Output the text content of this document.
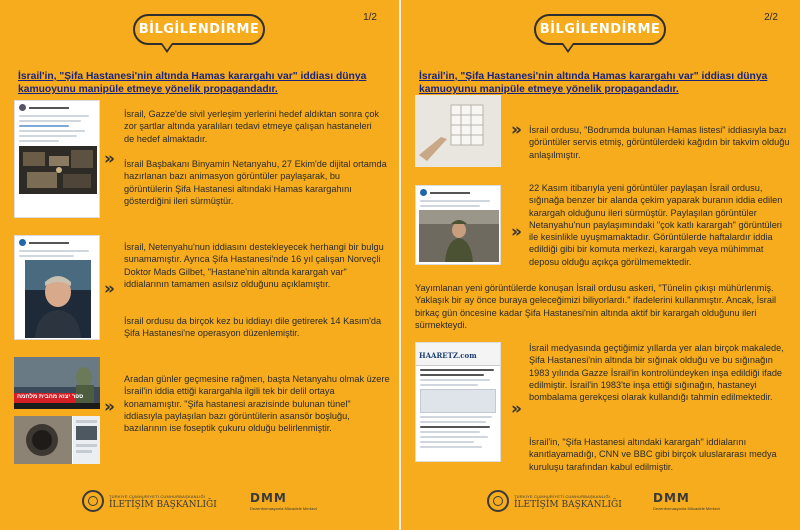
BİLGİLENDİRME
1/2
İsrail'in, "Şifa Hastanesi'nin altında Hamas karargahı var" iddiası dünya kamuoyunu manipüle etmeye yönelik propagandadır.
»
»
ספר יצוא מהבית מלחמה »
İsrail, Gazze'de sivil yerleşim yerlerini hedef aldıktan sonra çok zor şartlar altında yaralıları tedavi etmeye çalışan hastaneleri de hedef almaktadır.
İsrail Başbakanı Binyamin Netanyahu, 27 Ekim'de dijital ortamda hazırlanan bazı animasyon görüntüler paylaşarak, bu görüntülerin Şifa Hastanesi altındaki Hamas karargahını gösterdiğini ileri sürmüştür.
İsrail, Netenyahu'nun iddiasını destekleyecek herhangi bir bulgu sunamamıştır. Ayrıca Şifa Hastanesi'nde 16 yıl çalışan Norveçli Doktor Mads Gilbet, "Hastane'nin altında karargah var" iddialarının tamamen asılsız olduğunu açıklamıştır.
İsrail ordusu da birçok kez bu iddiayı dile getirerek 14 Kasım'da Şifa Hastanesi'ne operasyon düzenlemiştir.
Aradan günler geçmesine rağmen, başta Netanyahu olmak üzere İsrail'in iddia ettiği karargahla ilgili tek bir delil ortaya konamamıştır. "Şifa hastanesi arazisinde bulunan tünel" iddiasıyla paylaşılan bazı görüntülerin asansör boşluğu, bazılarının ise foseptik çukuru olduğu belirlenmiştir.
TÜRKİYE CUMHURİYETİ CUMHURBAŞKANLIĞI
İLETİŞİM BAŞKANLIĞI	DMM
Dezenformasyonla Mücadele Merkezi
BİLGİLENDİRME
2/2
İsrail'in, "Şifa Hastanesi'nin altında Hamas karargahı var" iddiası dünya kamuoyunu manipüle etmeye yönelik propagandadır.
»
»
HAARETZ.com
»
İsrail ordusu, "Bodrumda bulunan Hamas listesi" iddiasıyla bazı görüntüler servis etmiş, görüntülerdeki kağıdın bir takvim olduğu anlaşılmıştır.
22 Kasım itibarıyla yeni görüntüler paylaşan İsrail ordusu, sığınağa benzer bir alanda çekim yaparak buranın iddia edilen karargah olduğunu ileri sürmüştür. Paylaşılan görüntüler Netanyahu'nun paylaşımındaki "çok katlı karargah" görüntüleri ile kesinlikle uyuşmamaktadır. Görüntülerde haftalardır iddia edildiği gibi bir komuta merkezi, karargah veya mühimmat deposu olduğu açıkça görülmemektedir.
Yayımlanan yeni görüntülerde konuşan İsrail ordusu askeri, "Tünelin çıkışı mühürlenmiş. Yaklaşık bir ay önce buraya geleceğimizi biliyorlardı." ifadelerini kullanmıştır. Ancak, İsrail birkaç gün öncesine kadar Şifa Hastanesi'nin altında aktif bir karargah olduğunu ileri sürmekteydi.
İsrail medyasında geçtiğimiz yıllarda yer alan birçok makalede, Şifa Hastanesi'nin altında bir sığınak olduğu ve bu sığınağın 1983 yılında Gazze İsrail'in kontrolündeyken inşa edildiği ifade edilmiştir. İsrail'in 1983'te inşa ettiği sığınağın, hastaneyi bombalama gerekçesi olarak kullandığı tahmin edilmektedir.
İsrail'in, "Şifa Hastanesi altındaki karargah" iddialarını kanıtlayamadığı, CNN ve BBC gibi birçok uluslararası medya kuruluşu tarafından kabul edilmiştir.
TÜRKİYE CUMHURİYETİ CUMHURBAŞKANLIĞI
İLETİŞİM BAŞKANLIĞI	DMM
Dezenformasyonla Mücadele Merkezi
